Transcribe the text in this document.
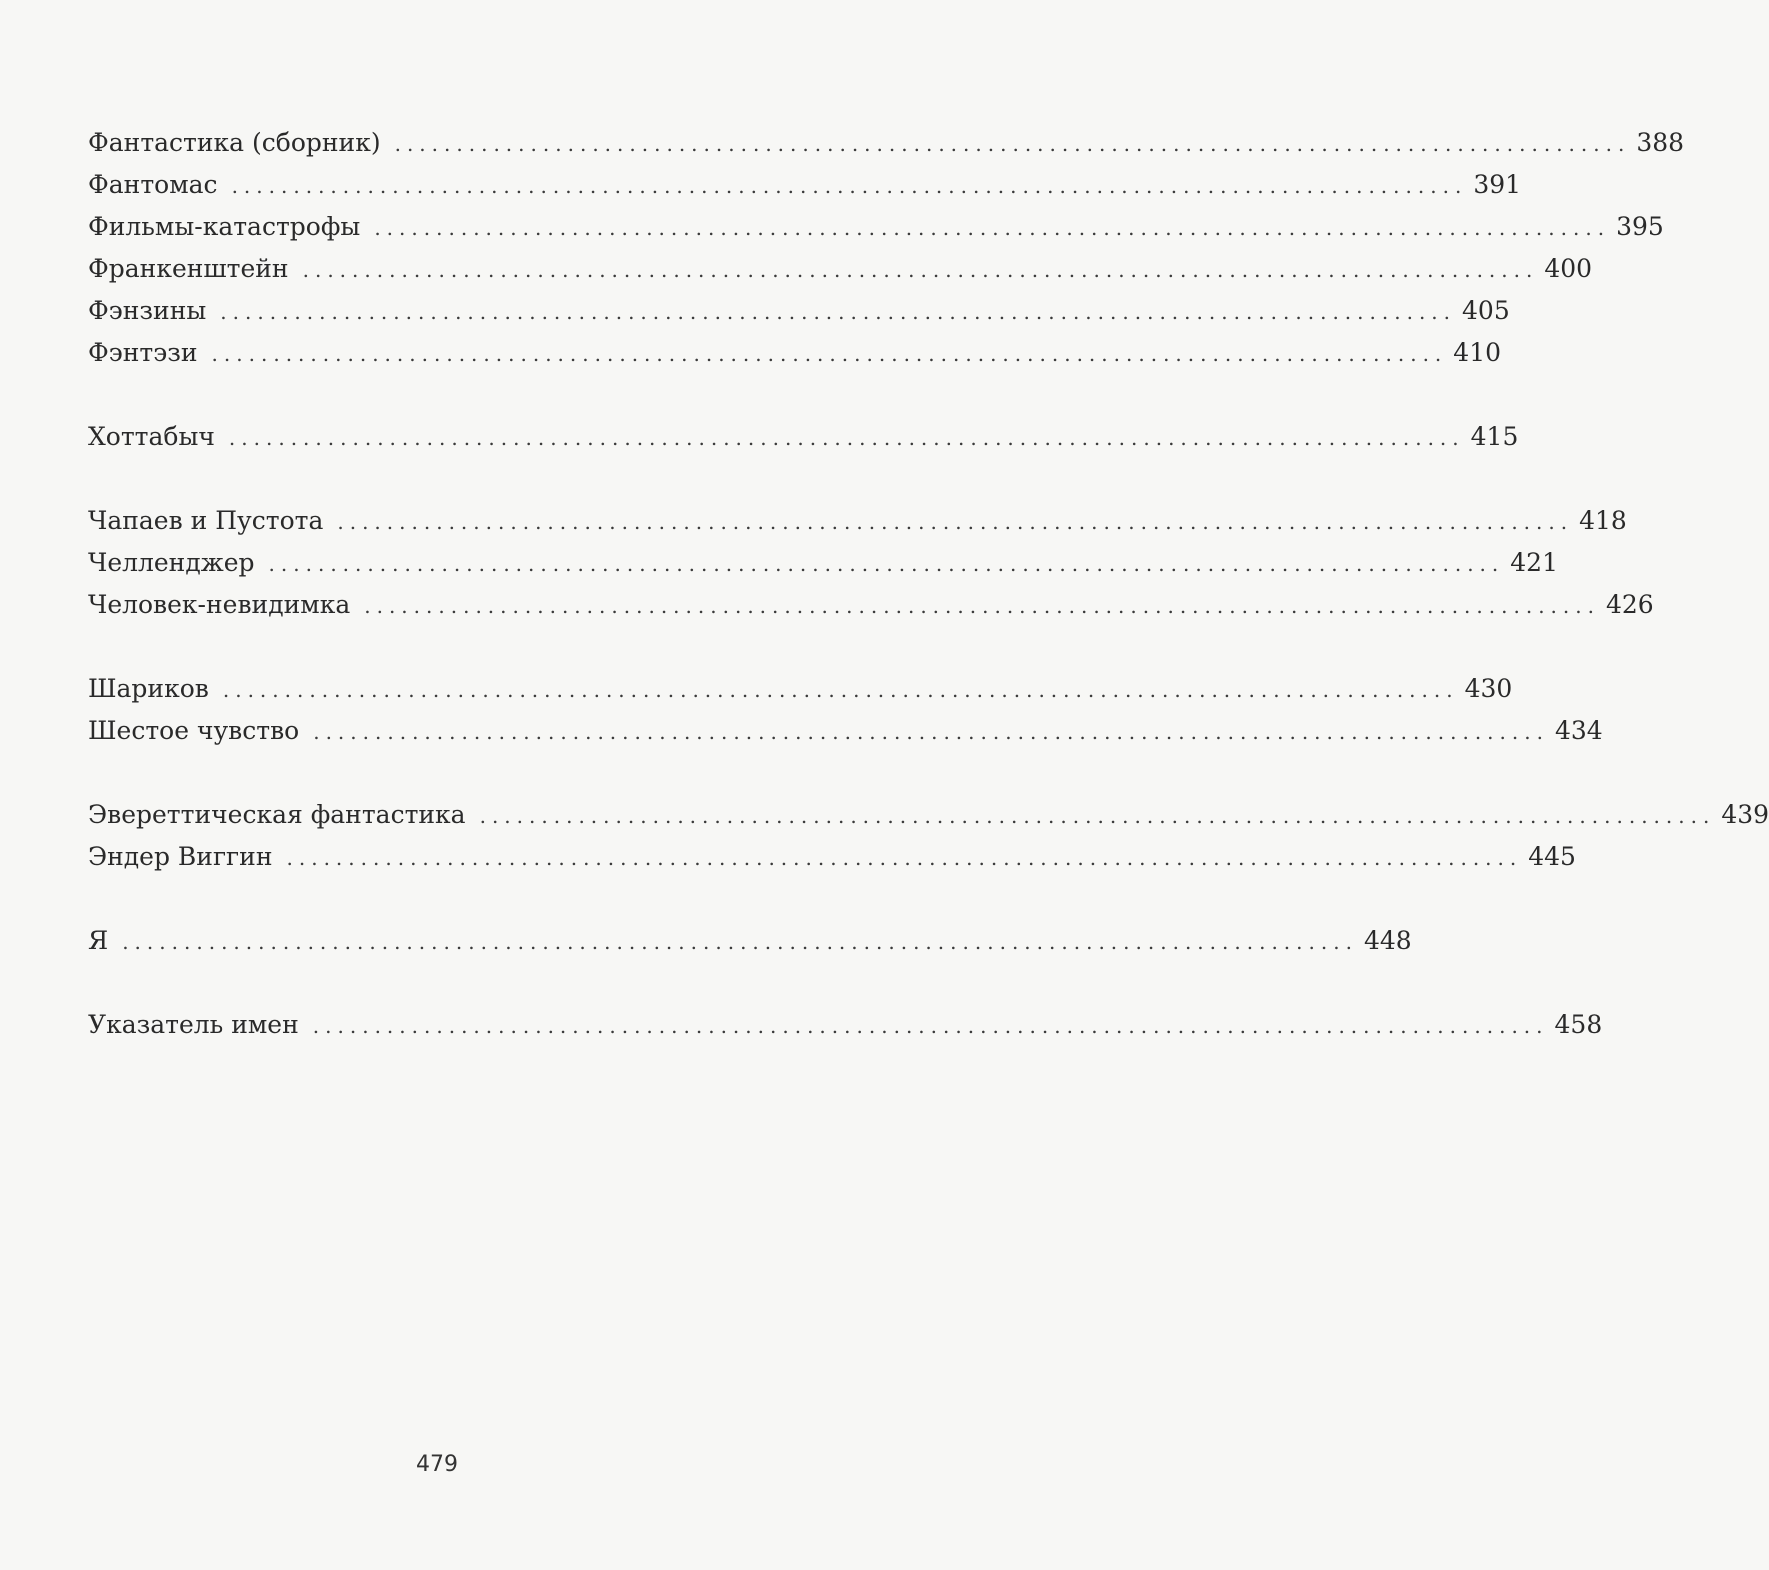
Фантастика (сборник) .................................................................................................... 388
Фантомас .................................................................................................... 391
Фильмы-катастрофы .................................................................................................... 395
Франкенштейн .................................................................................................... 400
Фэнзины .................................................................................................... 405
Фэнтэзи .................................................................................................... 410
Хоттабыч .................................................................................................... 415
Чапаев и Пустота .................................................................................................... 418
Челленджер .................................................................................................... 421
Человек-невидимка .................................................................................................... 426
Шариков .................................................................................................... 430
Шестое чувство .................................................................................................... 434
Эвереттическая фантастика .................................................................................................... 439
Эндер Виггин .................................................................................................... 445
Я .................................................................................................... 448
Указатель имен .................................................................................................... 458
479
